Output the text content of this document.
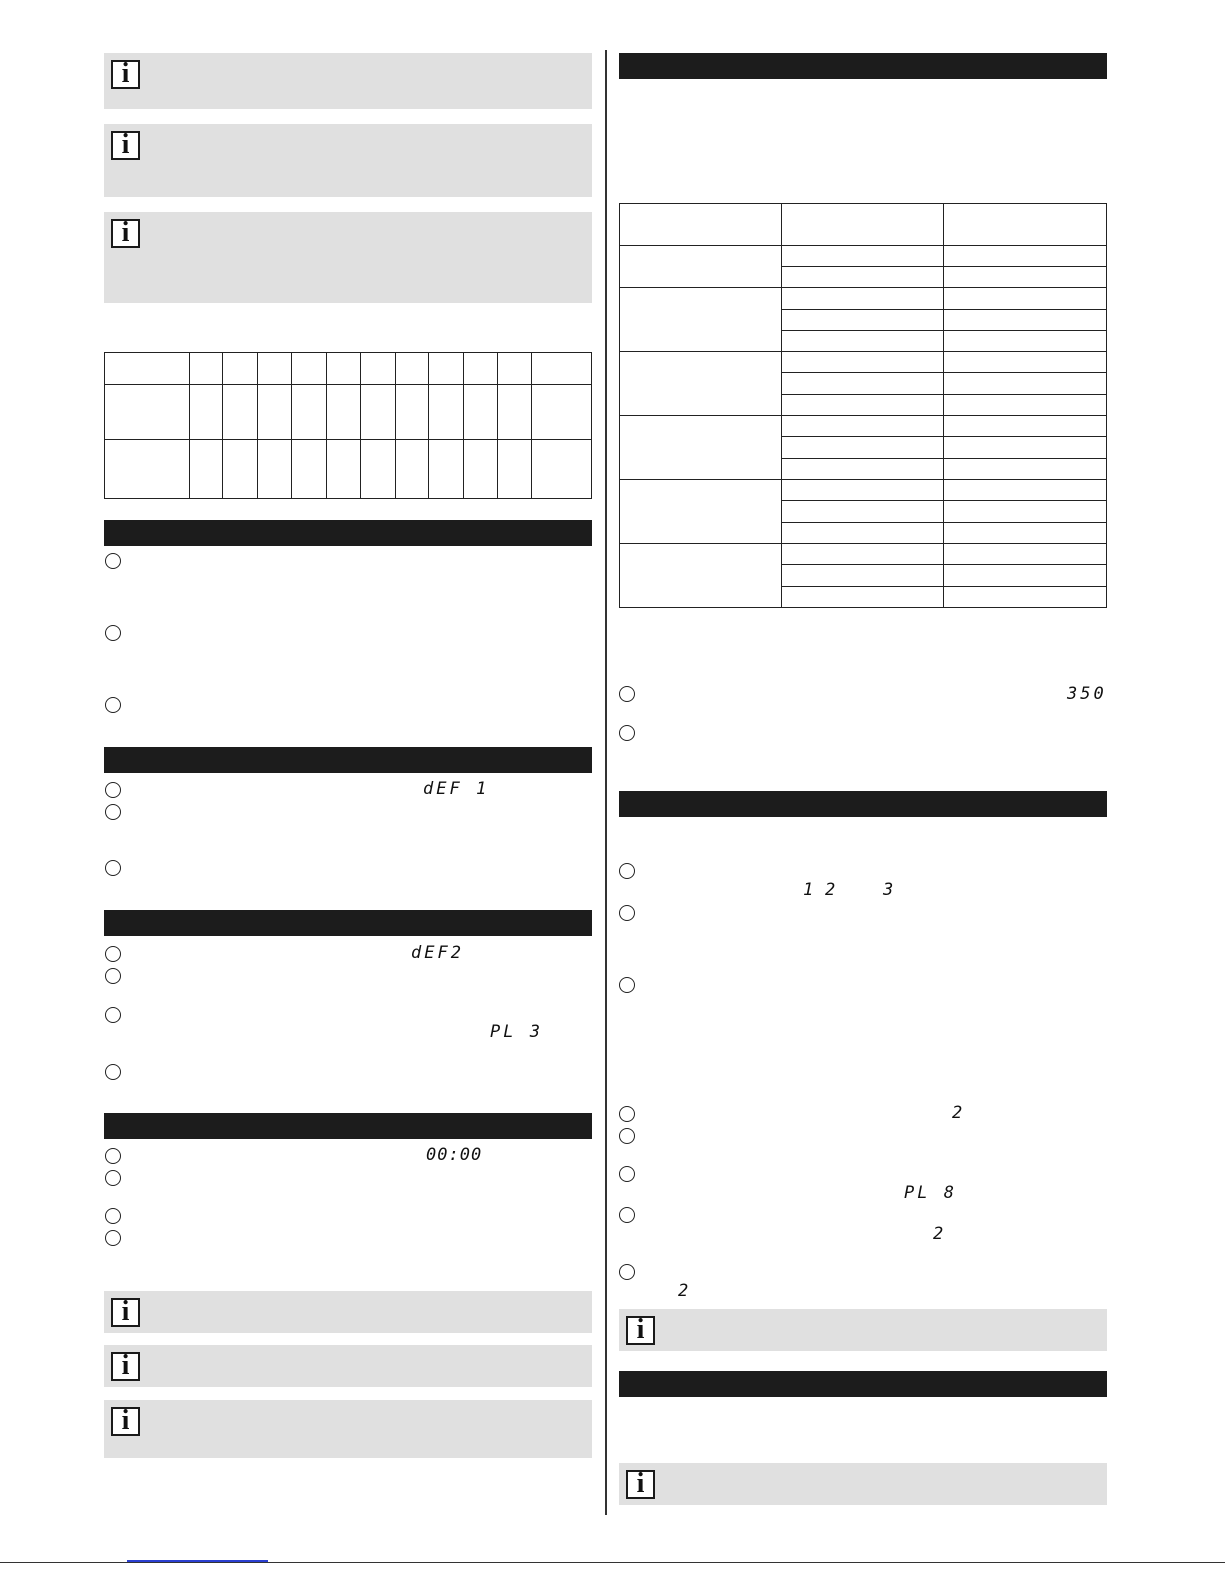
i
i
i

dEF 1
dEF2
PL 3
00:00
i
i
i

350
1 2	3
2
PL 8
2
2
i
i
